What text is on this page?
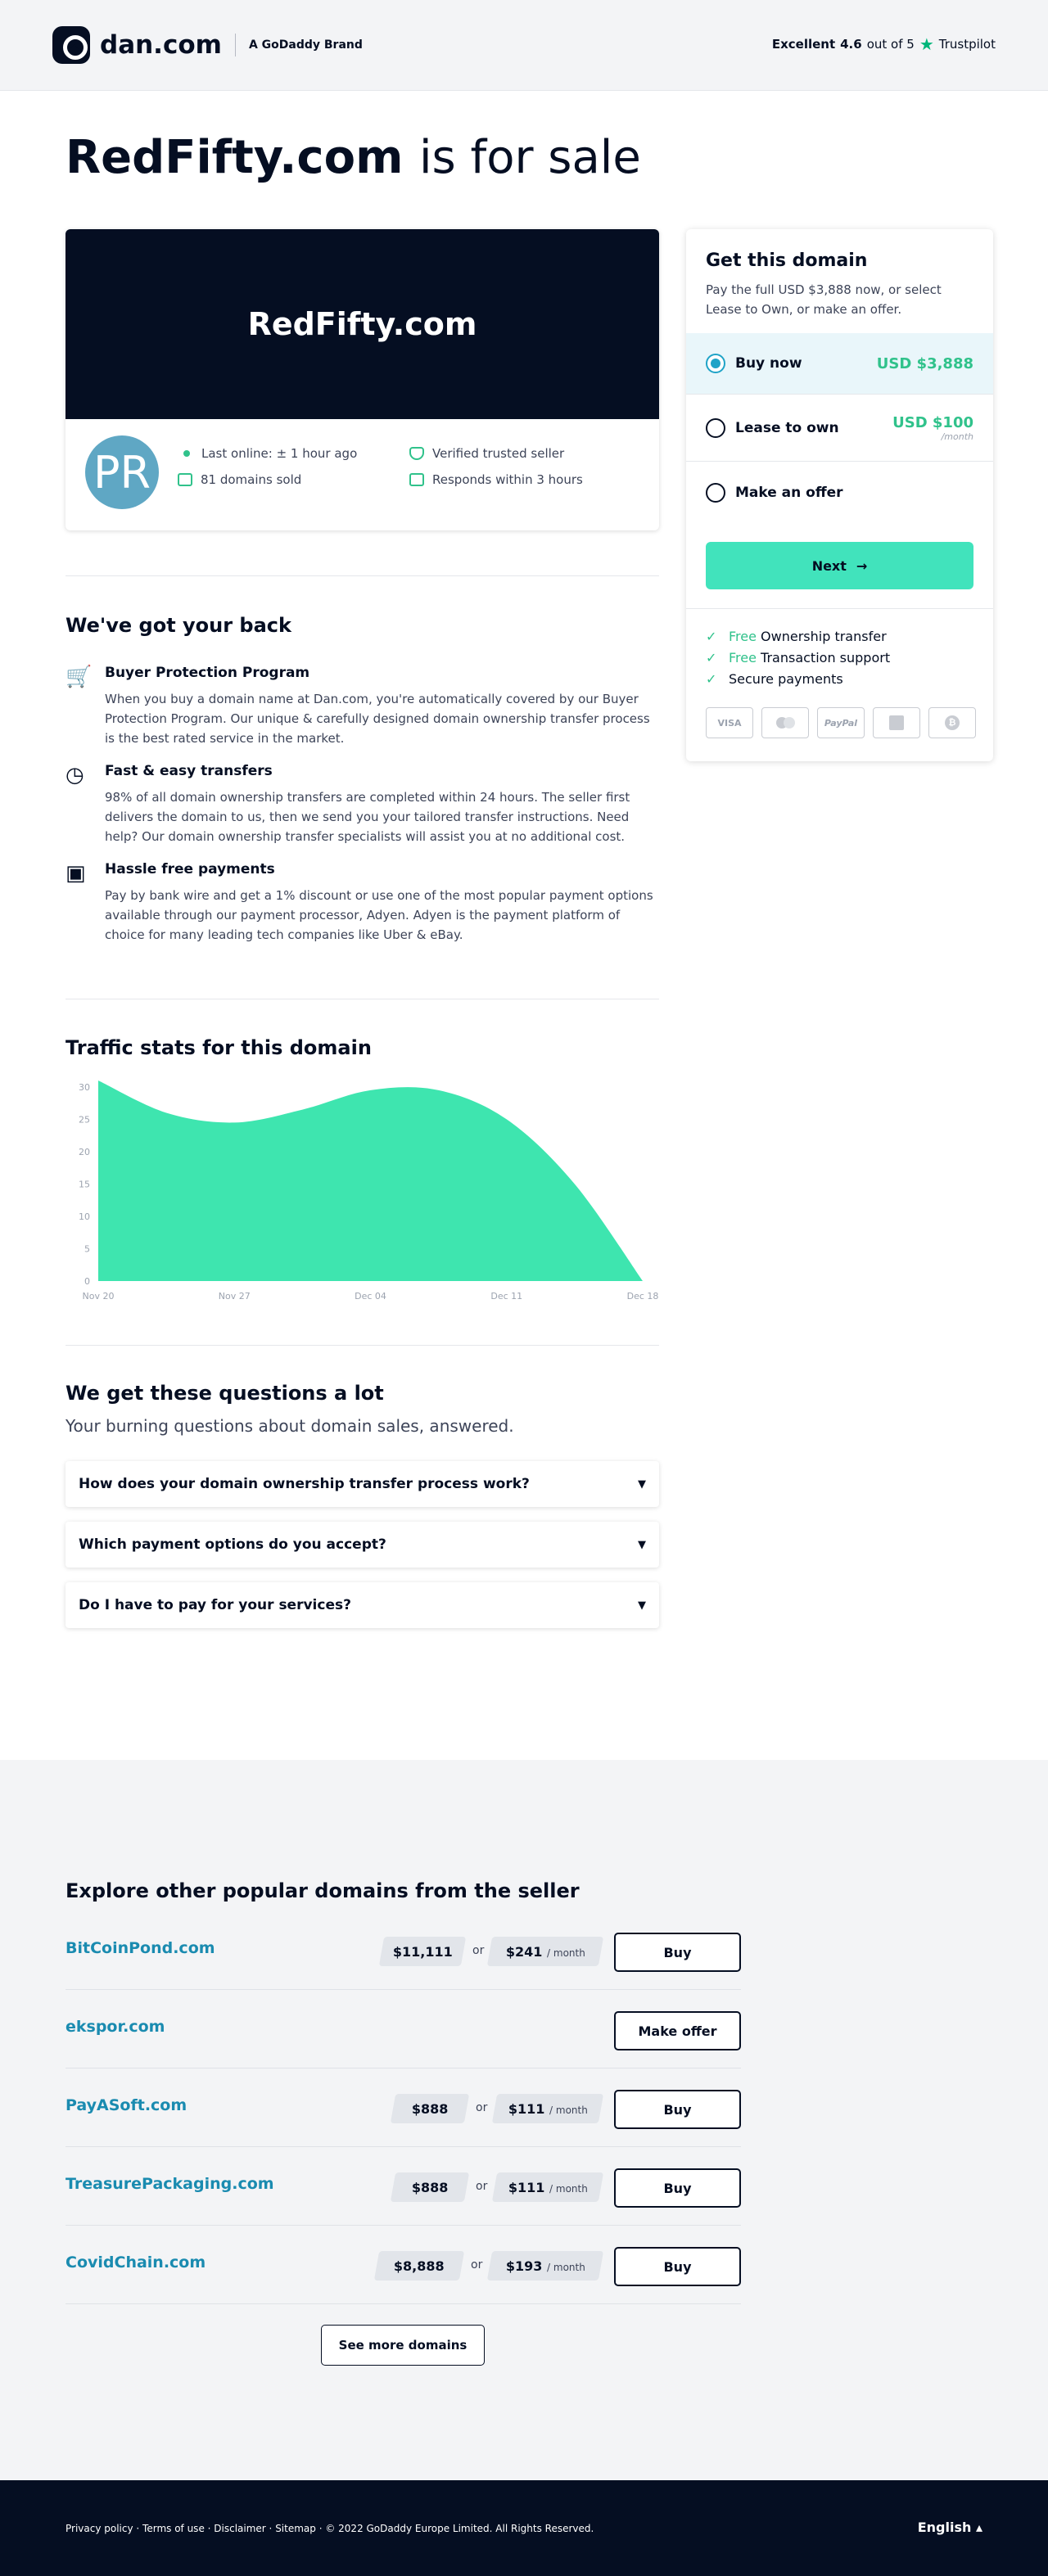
dan.com A GoDaddy Brand	Excellent 4.6 out of 5 ★ Trustpilot
RedFifty.com is for sale
RedFifty.com
PR	Last online: ± 1 hour ago
81 domains sold
Verified trusted seller
Responds within 3 hours
We've got your back
🛒 Buyer Protection Program
When you buy a domain name at Dan.com, you're automatically covered by our Buyer Protection Program. Our unique & carefully designed domain ownership transfer process is the best rated service in the market.
◷	Fast & easy transfers
98% of all domain ownership transfers are completed within 24 hours. The seller first delivers the domain to us, then we send you your tailored transfer instructions. Need help? Our domain ownership transfer specialists will assist you at no additional cost.
▣	Hassle free payments
Pay by bank wire and get a 1% discount or use one of the most popular payment options available through our payment processor, Adyen. Adyen is the payment platform of choice for many leading tech companies like Uber & eBay.
Traffic stats for this domain
0
5
10
15
20
25
30
Nov 20	Nov 27	Dec 04	Dec 11	Dec 18
We get these questions a lot
Your burning questions about domain sales, answered.
How does your domain ownership transfer process work?	▼
Which payment options do you accept?	▼
Do I have to pay for your services?	▼
Get this domain
Pay the full USD $3,888 now, or select Lease to Own, or make an offer.
Buy now	USD $3,888
Lease to own	USD $100
/month
Make an offer
Next →
✓ Free Ownership transfer
✓ Free Transaction support
✓ Secure payments
VISA	PayPal	₿
Explore other popular domains from the seller
BitCoinPond.com	$11,111 or $241 / month	Buy
ekspor.com	Make offer
PayASoft.com	$888 or $111 / month	Buy
TreasurePackaging.com	$888 or $111 / month	Buy
CovidChain.com	$8,888 or $193 / month	Buy
See more domains
Privacy policy · Terms of use · Disclaimer · Sitemap · © 2022 GoDaddy Europe Limited. All Rights Reserved.	English ▴
